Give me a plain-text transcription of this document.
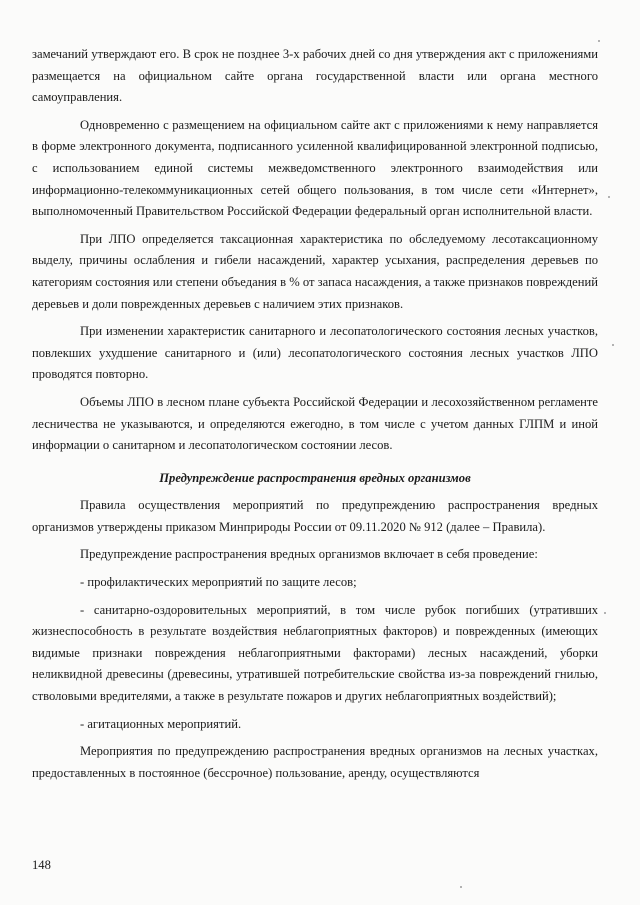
замечаний утверждают его. В срок не позднее 3-х рабочих дней со дня утверждения акт с приложениями размещается на официальном сайте органа государственной власти или органа местного самоуправления.

Одновременно с размещением на официальном сайте акт с приложениями к нему направляется в форме электронного документа, подписанного усиленной квалифицированной электронной подписью, с использованием единой системы межведомственного электронного взаимодействия или информационно-телекоммуникационных сетей общего пользования, в том числе сети «Интернет», выполномоченный Правительством Российской Федерации федеральный орган исполнительной власти.

При ЛПО определяется таксационная характеристика по обследуемому лесотаксационному выделу, причины ослабления и гибели насаждений, характер усыхания, распределения деревьев по категориям состояния или степени объедания в % от запаса насаждения, а также признаков повреждений деревьев и доли поврежденных деревьев с наличием этих признаков.

При изменении характеристик санитарного и лесопатологического состояния лесных участков, повлекших ухудшение санитарного и (или) лесопатологического состояния лесных участков ЛПО проводятся повторно.

Объемы ЛПО в лесном плане субъекта Российской Федерации и лесохозяйственном регламенте лесничества не указываются, и определяются ежегодно, в том числе с учетом данных ГЛПМ и иной информации о санитарном и лесопатологическом состоянии лесов.

Предупреждение распространения вредных организмов

Правила осуществления мероприятий по предупреждению распространения вредных организмов утверждены приказом Минприроды России от 09.11.2020 № 912 (далее – Правила).

Предупреждение распространения вредных организмов включает в себя проведение:

- профилактических мероприятий по защите лесов;

- санитарно-оздоровительных мероприятий, в том числе рубок погибших (утративших жизнеспособность в результате воздействия неблагоприятных факторов) и поврежденных (имеющих видимые признаки повреждения неблагоприятными факторами) лесных насаждений, уборки неликвидной древесины (древесины, утратившей потребительские свойства из-за повреждений гнилью, стволовыми вредителями, а также в результате пожаров и других неблагоприятных воздействий);

- агитационных мероприятий.

Мероприятия по предупреждению распространения вредных организмов на лесных участках, предоставленных в постоянное (бессрочное) пользование, аренду, осуществляются

148
